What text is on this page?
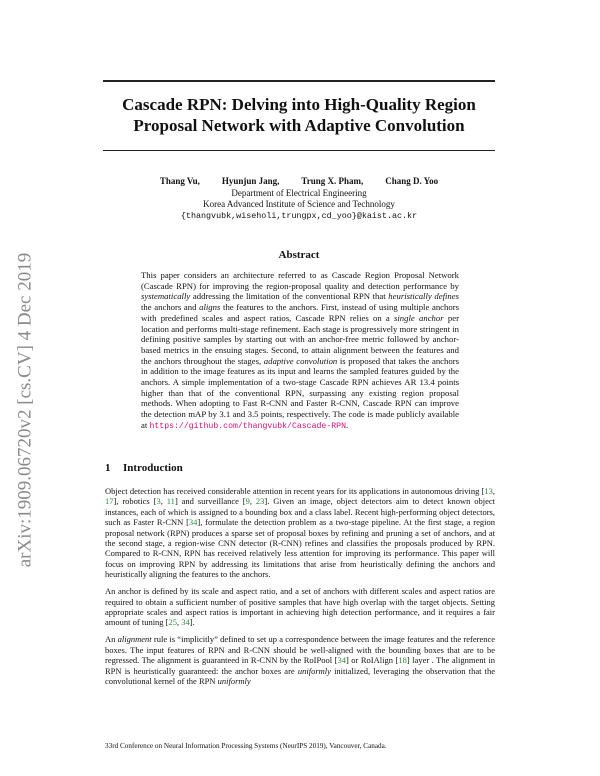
arXiv:1909.06720v2 [cs.CV] 4 Dec 2019
Cascade RPN: Delving into High-Quality Region
Proposal Network with Adaptive Convolution
Thang Vu, Hyunjun Jang, Trung X. Pham, Chang D. Yoo
Department of Electrical Engineering
Korea Advanced Institute of Science and Technology
{thangvubk,wiseholi,trungpx,cd_yoo}@kaist.ac.kr
Abstract
This paper considers an architecture referred to as Cascade Region Proposal Network (Cascade RPN) for improving the region-proposal quality and detection performance by systematically addressing the limitation of the conventional RPN that heuristically defines the anchors and aligns the features to the anchors. First, instead of using multiple anchors with predefined scales and aspect ratios, Cascade RPN relies on a single anchor per location and performs multi-stage refinement. Each stage is progressively more stringent in defining positive samples by starting out with an anchor-free metric followed by anchor-based metrics in the ensuing stages. Second, to attain alignment between the features and the anchors throughout the stages, adaptive convolution is proposed that takes the anchors in addition to the image features as its input and learns the sampled features guided by the anchors. A simple implementation of a two-stage Cascade RPN achieves AR 13.4 points higher than that of the conventional RPN, surpassing any existing region proposal methods. When adopting to Fast R-CNN and Faster R-CNN, Cascade RPN can improve the detection mAP by 3.1 and 3.5 points, respectively. The code is made publicly available at https://github.com/thangvubk/Cascade-RPN.
1 Introduction

Object detection has received considerable attention in recent years for its applications in autonomous driving [13, 17], robotics [3, 11] and surveillance [9, 23]. Given an image, object detectors aim to detect known object instances, each of which is assigned to a bounding box and a class label. Recent high-performing object detectors, such as Faster R-CNN [34], formulate the detection problem as a two-stage pipeline. At the first stage, a region proposal network (RPN) produces a sparse set of proposal boxes by refining and pruning a set of anchors, and at the second stage, a region-wise CNN detector (R-CNN) refines and classifies the proposals produced by RPN. Compared to R-CNN, RPN has received relatively less attention for improving its performance. This paper will focus on improving RPN by addressing its limitations that arise from heuristically defining the anchors and heuristically aligning the features to the anchors.

An anchor is defined by its scale and aspect ratio, and a set of anchors with different scales and aspect ratios are required to obtain a sufficient number of positive samples that have high overlap with the target objects. Setting appropriate scales and aspect ratios is important in achieving high detection performance, and it requires a fair amount of tuning [25, 34].

An alignment rule is “implicitly” defined to set up a correspondence between the image features and the reference boxes. The input features of RPN and R-CNN should be well-aligned with the bounding boxes that are to be regressed. The alignment is guaranteed in R-CNN by the RoIPool [34] or RoIAlign [18] layer . The alignment in RPN is heuristically guaranteed: the anchor boxes are uniformly initialized, leveraging the observation that the convolutional kernel of the RPN uniformly

33rd Conference on Neural Information Processing Systems (NeurIPS 2019), Vancouver, Canada.
